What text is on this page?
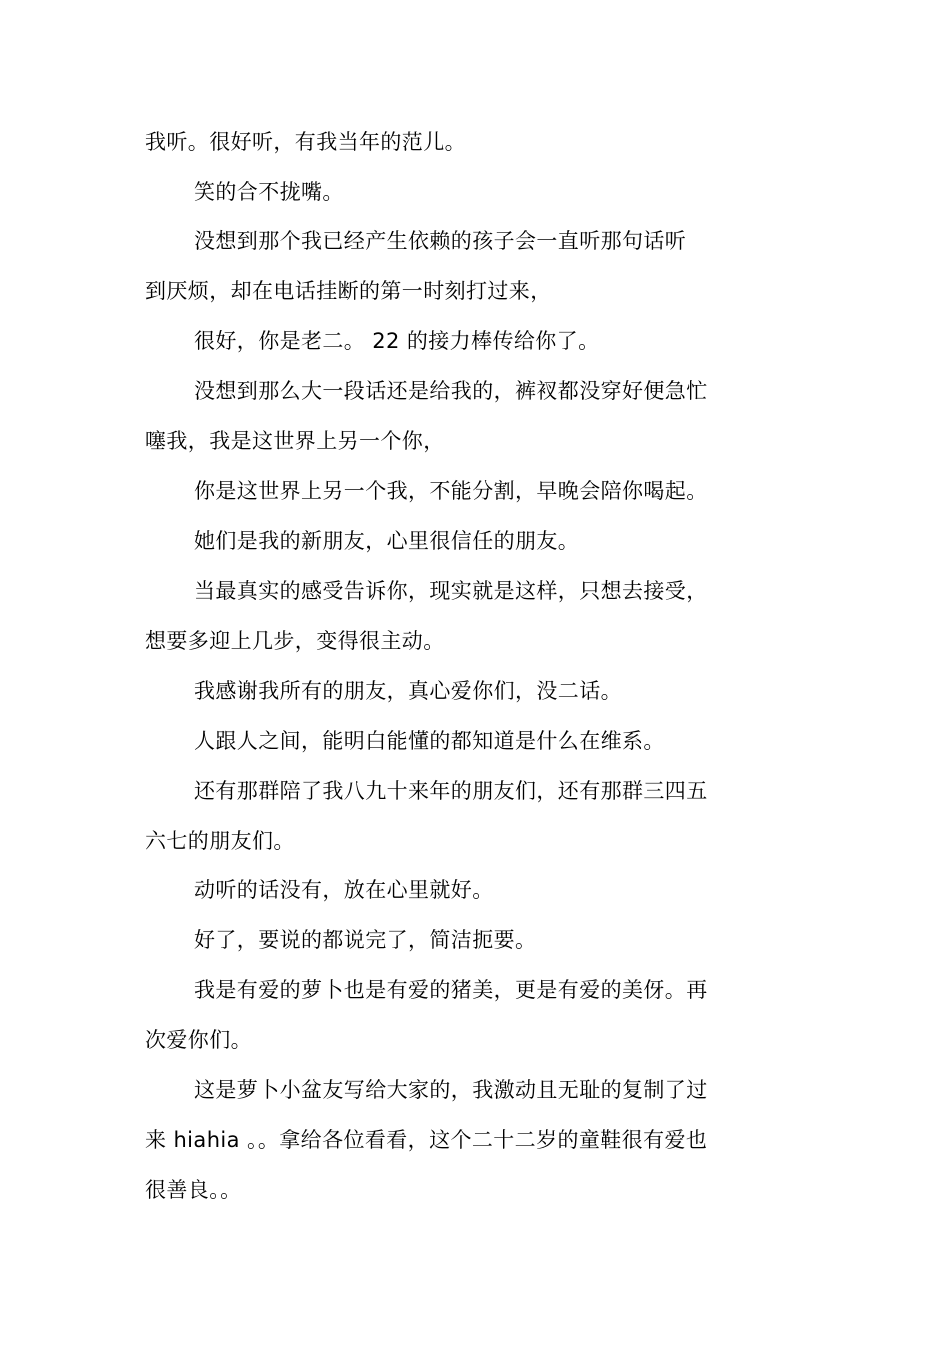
我听。很好听，有我当年的范儿。
笑的合不拢嘴。
没想到那个我已经产生依赖的孩子会一直听那句话听
到厌烦，却在电话挂断的第一时刻打过来，
很好，你是老二。 22 的接力棒传给你了。
没想到那么大一段话还是给我的，裤衩都没穿好便急忙
噻我，我是这世界上另一个你，
你是这世界上另一个我，不能分割，早晚会陪你喝起。
她们是我的新朋友，心里很信任的朋友。
当最真实的感受告诉你，现实就是这样，只想去接受，
想要多迎上几步，变得很主动。
我感谢我所有的朋友，真心爱你们，没二话。
人跟人之间，能明白能懂的都知道是什么在维系。
还有那群陪了我八九十来年的朋友们，还有那群三四五
六七的朋友们。
动听的话没有，放在心里就好。
好了，要说的都说完了，简洁扼要。
我是有爱的萝卜也是有爱的猪美，更是有爱的美伢。再
次爱你们。
这是萝卜小盆友写给大家的，我激动且无耻的复制了过
来 hiahia 。。拿给各位看看，这个二十二岁的童鞋很有爱也
很善良。。
